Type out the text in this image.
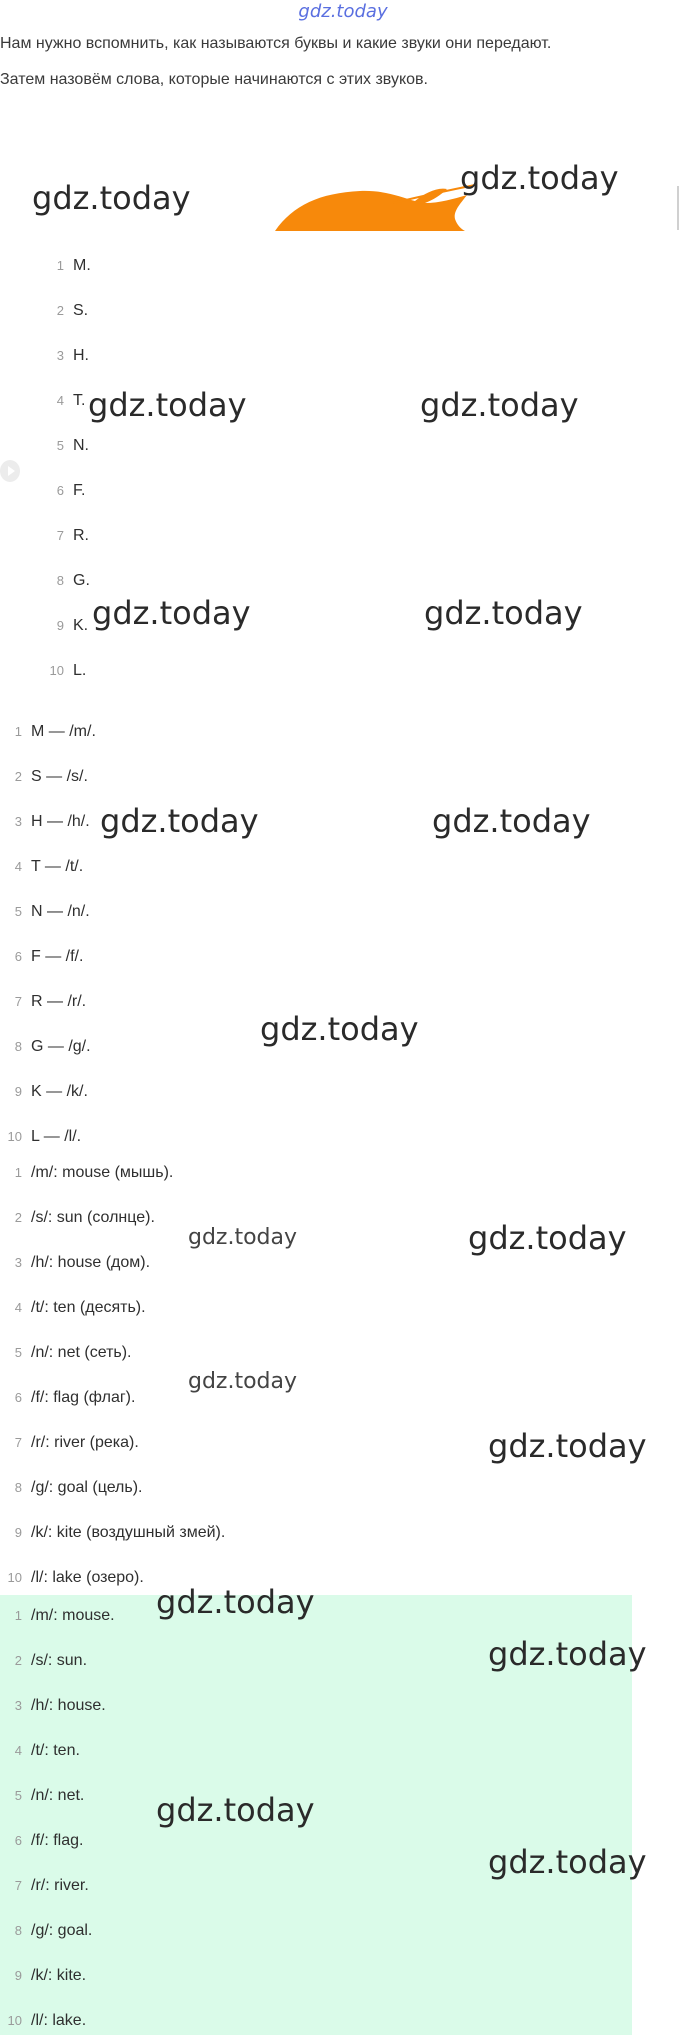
gdz.today

Нам нужно вспомнить, как называются буквы и какие звуки они передают.

Затем назовём слова, которые начинаются с этих звуков.

1 M.
2 S.
3 H.
4 T.
5 N.
6 F.
7 R.
8 G.
9 K.
10 L.
1 M — /m/.
2 S — /s/.
3 H — /h/.
4 T — /t/.
5 N — /n/.
6 F — /f/.
7 R — /r/.
8 G — /g/.
9 K — /k/.
10 L — /l/.
1 /m/: mouse (мышь).
2 /s/: sun (солнце).
3 /h/: house (дом).
4 /t/: ten (десять).
5 /n/: net (сеть).
6 /f/: flag (флаг).
7 /r/: river (река).
8 /g/: goal (цель).
9 /k/: kite (воздушный змей).
10 /l/: lake (озеро).
1 /m/: mouse.
2 /s/: sun.
3 /h/: house.
4 /t/: ten.
5 /n/: net.
6 /f/: flag.
7 /r/: river.
8 /g/: goal.
9 /k/: kite.
10 /l/: lake.
gdz.today
gdz.today
gdz.today	gdz.today
gdz.today	gdz.today
gdz.today	gdz.today
gdz.today
gdz.today	gdz.today
gdz.today
gdz.today
gdz.today
gdz.today
gdz.today
gdz.today
